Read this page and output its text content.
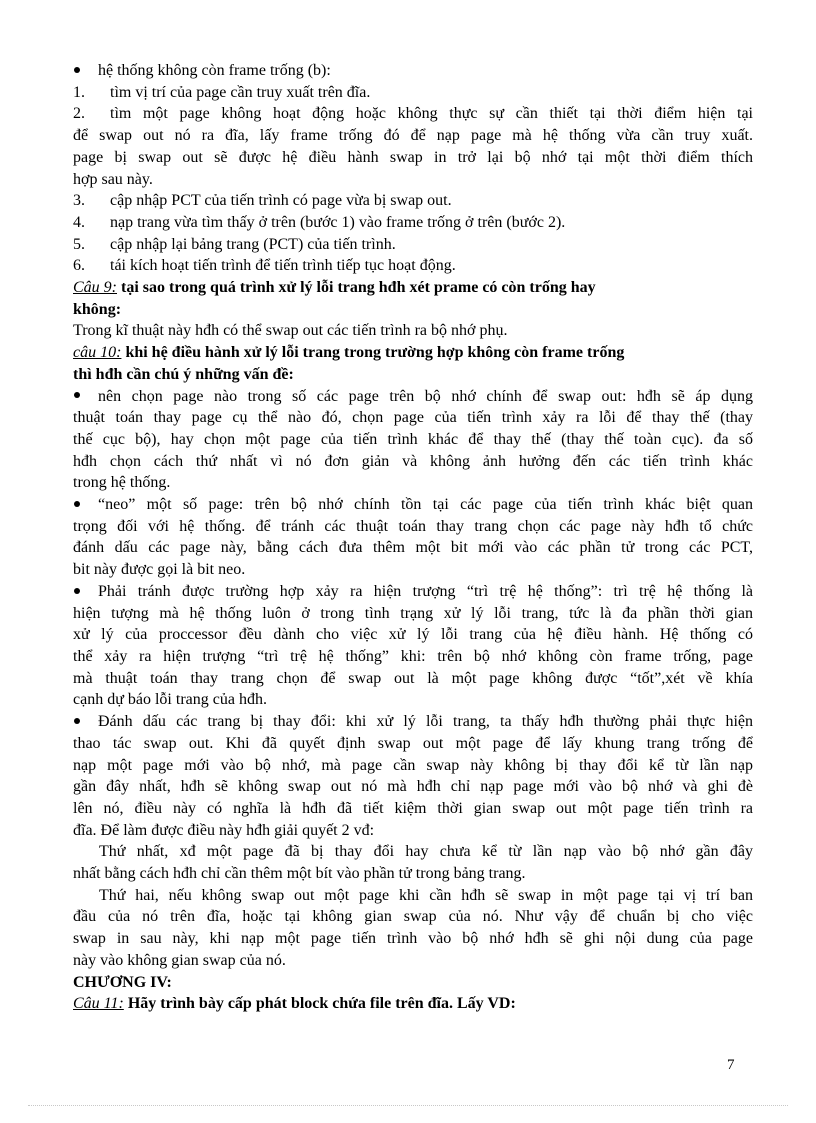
hệ thống không còn frame trống (b):
1. tìm vị trí của page cần truy xuất trên đĩa.
2. tìm một page không hoạt động hoặc không thực sự cần thiết tại thời điểm hiện tại
để swap out nó ra đĩa, lấy frame trống đó để nạp page mà hệ thống vừa cần truy xuất.
page bị swap out sẽ được hệ điều hành swap in trở lại bộ nhớ tại một thời điểm thích
hợp sau này.
3. cập nhập PCT của tiến trình có page vừa bị swap out.
4. nạp trang vừa tìm thấy ở trên (bước 1) vào frame trống ở trên (bước 2).
5. cập nhập lại bảng trang (PCT) của tiến trình.
6. tái kích hoạt tiến trình để tiến trình tiếp tục hoạt động.
Câu 9: tại sao trong quá trình xử lý lỗi trang hđh xét prame có còn trống hay
không:
Trong kĩ thuật này hđh có thể swap out các tiến trình ra bộ nhớ phụ.
câu 10: khi hệ điều hành xử lý lỗi trang trong trường hợp không còn frame trống
thì hđh cần chú ý những vấn đề:
nên chọn page nào trong số các page trên bộ nhớ chính để swap out: hđh sẽ áp dụng
thuật toán thay page cụ thể nào đó, chọn page của tiến trình xảy ra lỗi để thay thế (thay
thế cục bộ), hay chọn một page của tiến trình khác để thay thế (thay thế toàn cục). đa số
hđh chọn cách thứ nhất vì nó đơn giản và không ảnh hưởng đến các tiến trình khác
trong hệ thống.
“neo” một số page: trên bộ nhớ chính tồn tại các page của tiến trình khác biệt quan
trọng đối với hệ thống. để tránh các thuật toán thay trang chọn các page này hđh tổ chức
đánh dấu các page này, bằng cách đưa thêm một bit mới vào các phần tử trong các PCT,
bit này được gọi là bit neo.
Phải tránh được trường hợp xảy ra hiện trượng “trì trệ hệ thống”: trì trệ hệ thống là
hiện tượng mà hệ thống luôn ở trong tình trạng xử lý lỗi trang, tức là đa phần thời gian
xử lý của proccessor đều dành cho việc xử lý lỗi trang của hệ điều hành. Hệ thống có
thể xảy ra hiện trượng “trì trệ hệ thống” khi: trên bộ nhớ không còn frame trống, page
mà thuật toán thay trang chọn để swap out là một page không được “tốt”,xét về khía
cạnh dự báo lỗi trang của hđh.
Đánh dấu các trang bị thay đổi: khi xử lý lỗi trang, ta thấy hđh thường phải thực hiện
thao tác swap out. Khi đã quyết định swap out một page để lấy khung trang trống để
nạp một page mới vào bộ nhớ, mà page cần swap này không bị thay đổi kể từ lần nạp
gần đây nhất, hđh sẽ không swap out nó mà hđh chỉ nạp page mới vào bộ nhớ và ghi đè
lên nó, điều này có nghĩa là hđh đã tiết kiệm thời gian swap out một page tiến trình ra
đĩa. Để làm được điều này hđh giải quyết 2 vđ:
Thứ nhất, xđ một page đã bị thay đổi hay chưa kể từ lần nạp vào bộ nhớ gần đây
nhất bằng cách hđh chỉ cần thêm một bít vào phần tử trong bảng trang.
Thứ hai, nếu không swap out một page khi cần hđh sẽ swap in một page tại vị trí ban
đầu của nó trên đĩa, hoặc tại không gian swap của nó. Như vậy để chuẩn bị cho việc
swap in sau này, khi nạp một page tiến trình vào bộ nhớ hđh sẽ ghi nội dung của page
này vào không gian swap của nó.
CHƯƠNG IV:
Câu 11: Hãy trình bày cấp phát block chứa file trên đĩa. Lấy VD:
7
